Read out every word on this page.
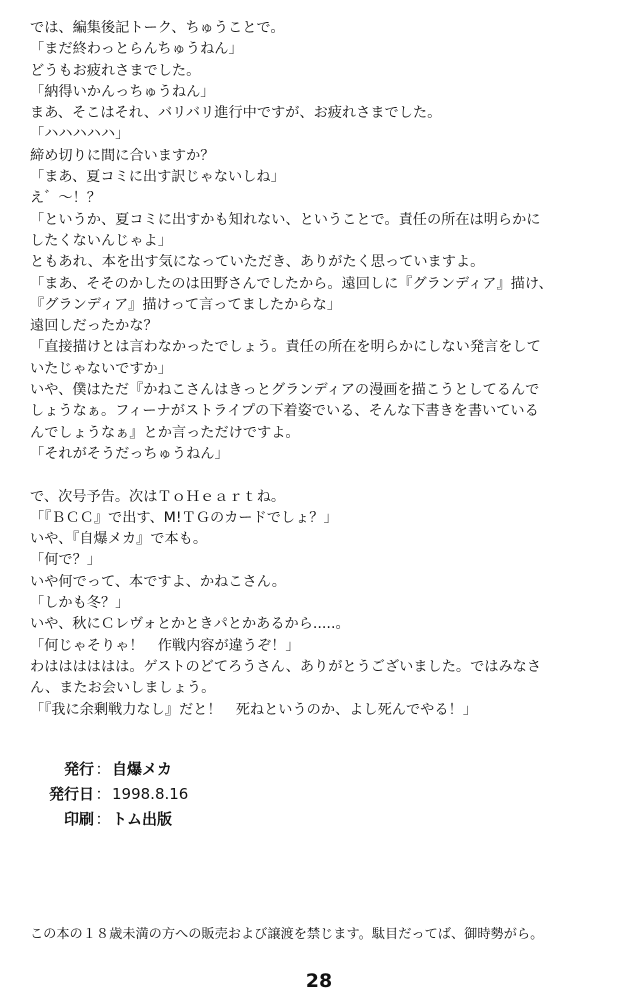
では、編集後記トーク、ちゅうことで。
「まだ終わっとらんちゅうねん」
どうもお疲れさまでした。
「納得いかんっちゅうねん」
まあ、そこはそれ、バリバリ進行中ですが、お疲れさまでした。
「ハハハハハ」
締め切りに間に合いますか？
「まあ、夏コミに出す訳じゃないしね」
え゛～！？
「というか、夏コミに出すかも知れない、ということで。責任の所在は明らかに
したくないんじゃよ」
ともあれ、本を出す気になっていただき、ありがたく思っていますよ。
「まあ、そそのかしたのは田野さんでしたから。遠回しに『グランディア』描け、
『グランディア』描けって言ってましたからな」
遠回しだったかな？
「直接描けとは言わなかったでしょう。責任の所在を明らかにしない発言をして
いたじゃないですか」
いや、僕はただ『かねこさんはきっとグランディアの漫画を描こうとしてるんで
しょうなぁ。フィーナがストライプの下着姿でいる、そんな下書きを書いている
んでしょうなぁ』とか言っただけですよ。
「それがそうだっちゅうねん」
で、次号予告。次はＴｏＨｅａｒｔね。
「『ＢＣＣ』で出す、M!ＴＧのカードでしょ？」
いや、『自爆メカ』で本も。
「何で？」
いや何でって、本ですよ、かねこさん。
「しかも冬？」
いや、秋にＣレヴォとかときパとかあるから.....。
「何じゃそりゃ！　作戦内容が違うぞ！」
わはははははは。ゲストのどてろうさん、ありがとうございました。ではみなさ
ん、またお会いしましょう。
「『我に余剰戦力なし』だと！　死ねというのか、よし死んでやる！」
発行： 自爆メカ
発行日： 1998.8.16
印刷： トム出版
この本の１８歳未満の方への販売および譲渡を禁じます。駄目だってば、御時勢がら。
28
